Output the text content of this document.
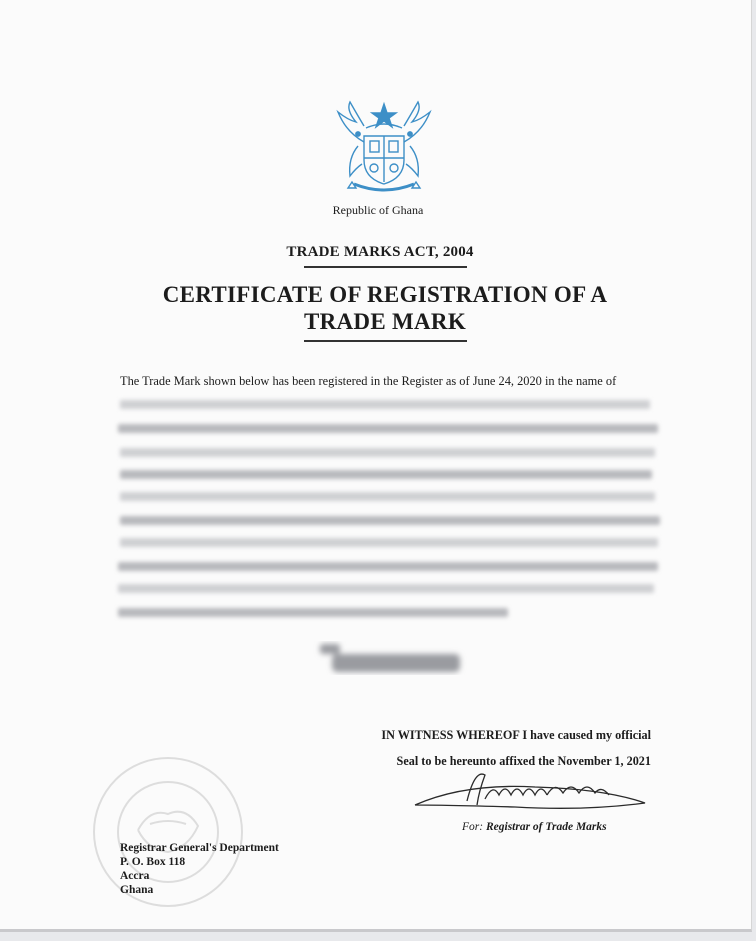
Republic of Ghana
TRADE MARKS ACT, 2004
CERTIFICATE OF REGISTRATION OF A
TRADE MARK
The Trade Mark shown below has been registered in the Register as of June 24, 2020 in the name of
IN WITNESS WHEREOF I have caused my official
Seal to be hereunto affixed the November 1, 2021
For: Registrar of Trade Marks
Registrar General's Department
P. O. Box 118
Accra
Ghana
